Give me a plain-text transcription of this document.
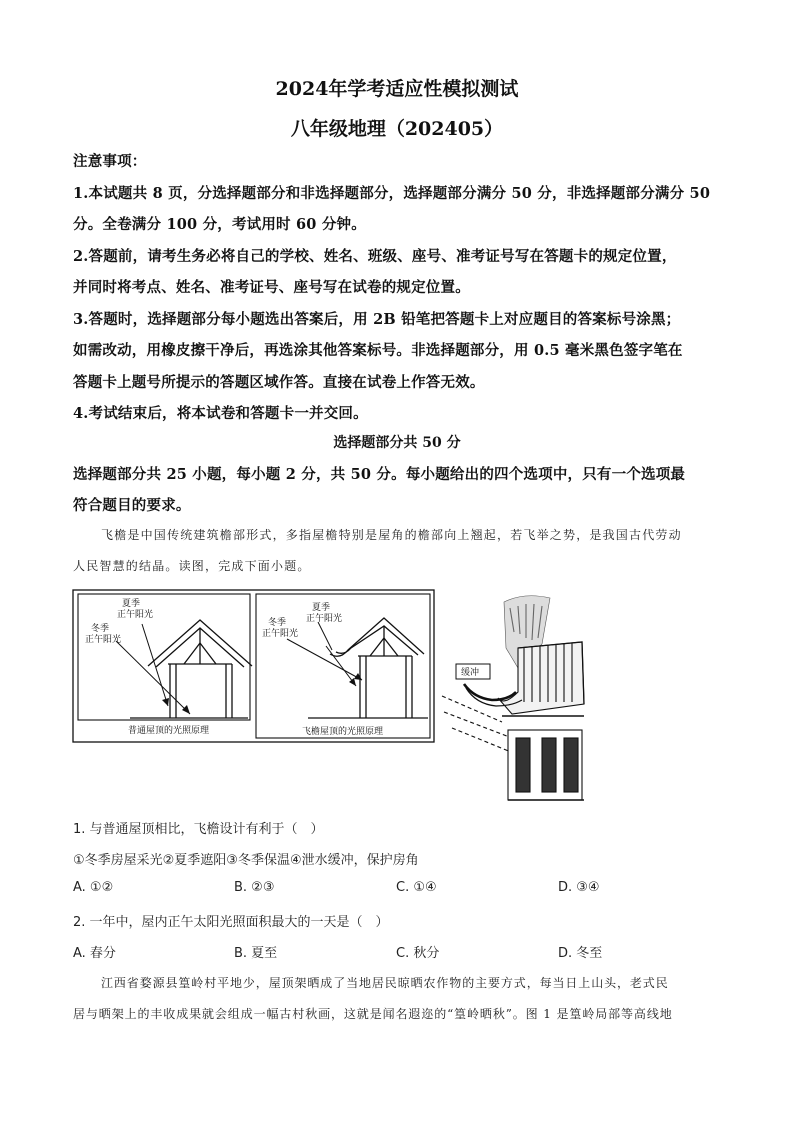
2024年学考适应性模拟测试
八年级地理（202405）
注意事项：
1.本试题共 8 页，分选择题部分和非选择题部分，选择题部分满分 50 分，非选择题部分满分 50
分。全卷满分 100 分，考试用时 60 分钟。
2.答题前，请考生务必将自己的学校、姓名、班级、座号、准考证号写在答题卡的规定位置，
并同时将考点、姓名、准考证号、座号写在试卷的规定位置。
3.答题时，选择题部分每小题选出答案后，用 2B 铅笔把答题卡上对应题目的答案标号涂黑；
如需改动，用橡皮擦干净后，再选涂其他答案标号。非选择题部分，用 0.5 毫米黑色签字笔在
答题卡上题号所提示的答题区域作答。直接在试卷上作答无效。
4.考试结束后，将本试卷和答题卡一并交回。
选择题部分共 50 分
选择题部分共 25 小题，每小题 2 分，共 50 分。每小题给出的四个选项中，只有一个选项最
符合题目的要求。
飞檐是中国传统建筑檐部形式，多指屋檐特别是屋角的檐部向上翘起，若飞举之势，是我国古代劳动
人民智慧的结晶。读图，完成下面小题。
夏季
正午阳光
冬季
正午阳光
普通屋顶的光照原理
夏季
正午阳光
冬季
正午阳光
飞檐屋顶的光照原理
缓冲
1. 与普通屋顶相比，飞檐设计有利于（　）
①冬季房屋采光②夏季遮阳③冬季保温④泄水缓冲，保护房角
A. ①②	B. ②③	C. ①④	D. ③④
2. 一年中，屋内正午太阳光照面积最大的一天是（　）
A. 春分	B. 夏至	C. 秋分	D. 冬至
江西省婺源县篁岭村平地少，屋顶架晒成了当地居民晾晒农作物的主要方式，每当日上山头，老式民
居与晒架上的丰收成果就会组成一幅古村秋画，这就是闻名遐迩的“篁岭晒秋”。图 1 是篁岭局部等高线地
